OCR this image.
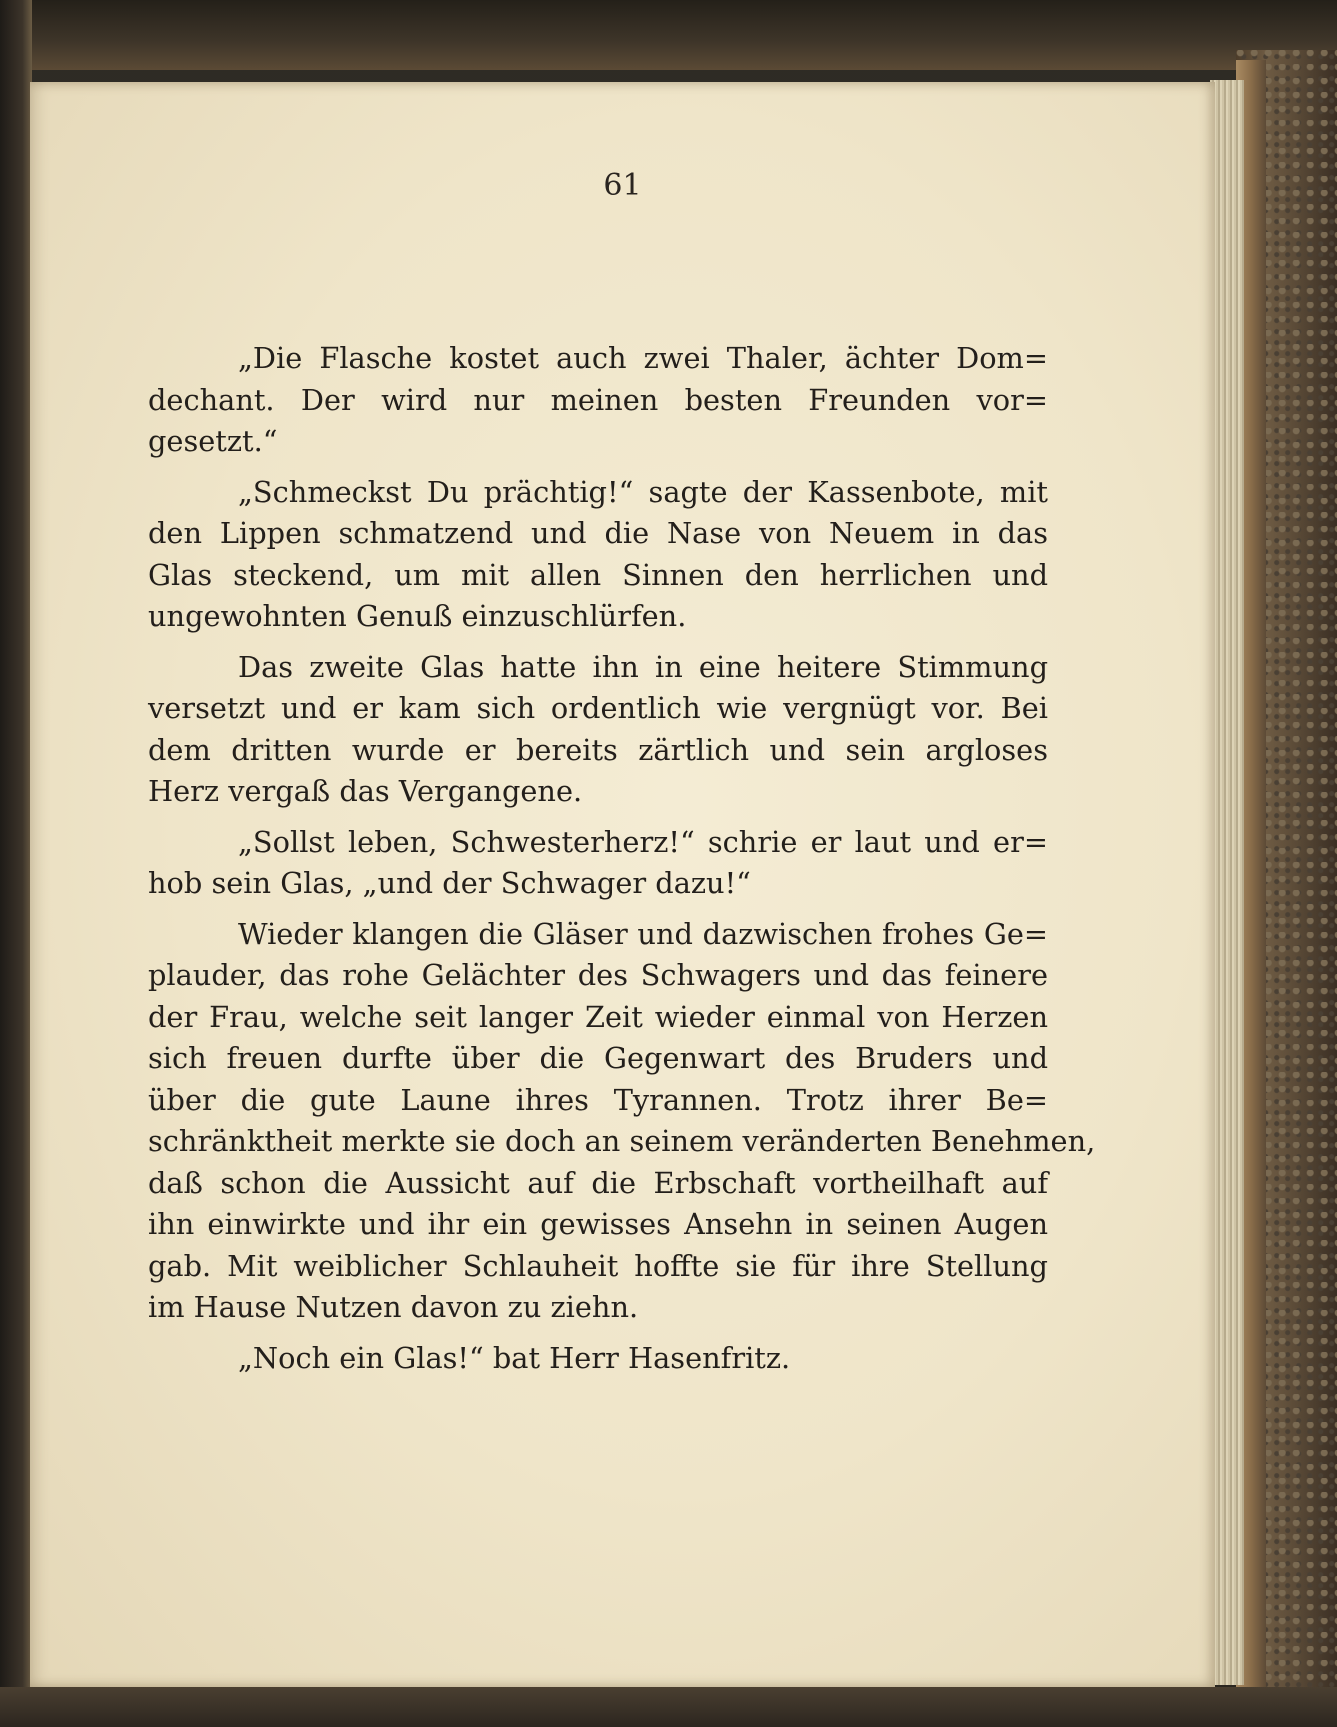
61
„Die Flasche kostet auch zwei Thaler, ächter Dom=
dechant. Der wird nur meinen besten Freunden vor=
gesetzt.“
„Schmeckst Du prächtig!“ sagte der Kassenbote, mit
den Lippen schmatzend und die Nase von Neuem in das
Glas steckend, um mit allen Sinnen den herrlichen und
ungewohnten Genuß einzuschlürfen.
Das zweite Glas hatte ihn in eine heitere Stimmung
versetzt und er kam sich ordentlich wie vergnügt vor. Bei
dem dritten wurde er bereits zärtlich und sein argloses
Herz vergaß das Vergangene.
„Sollst leben, Schwesterherz!“ schrie er laut und er=
hob sein Glas, „und der Schwager dazu!“
Wieder klangen die Gläser und dazwischen frohes Ge=
plauder, das rohe Gelächter des Schwagers und das feinere
der Frau, welche seit langer Zeit wieder einmal von Herzen
sich freuen durfte über die Gegenwart des Bruders und
über die gute Laune ihres Tyrannen. Trotz ihrer Be=
schränktheit merkte sie doch an seinem veränderten Benehmen,
daß schon die Aussicht auf die Erbschaft vortheilhaft auf
ihn einwirkte und ihr ein gewisses Ansehn in seinen Augen
gab. Mit weiblicher Schlauheit hoffte sie für ihre Stellung
im Hause Nutzen davon zu ziehn.
„Noch ein Glas!“ bat Herr Hasenfritz.
